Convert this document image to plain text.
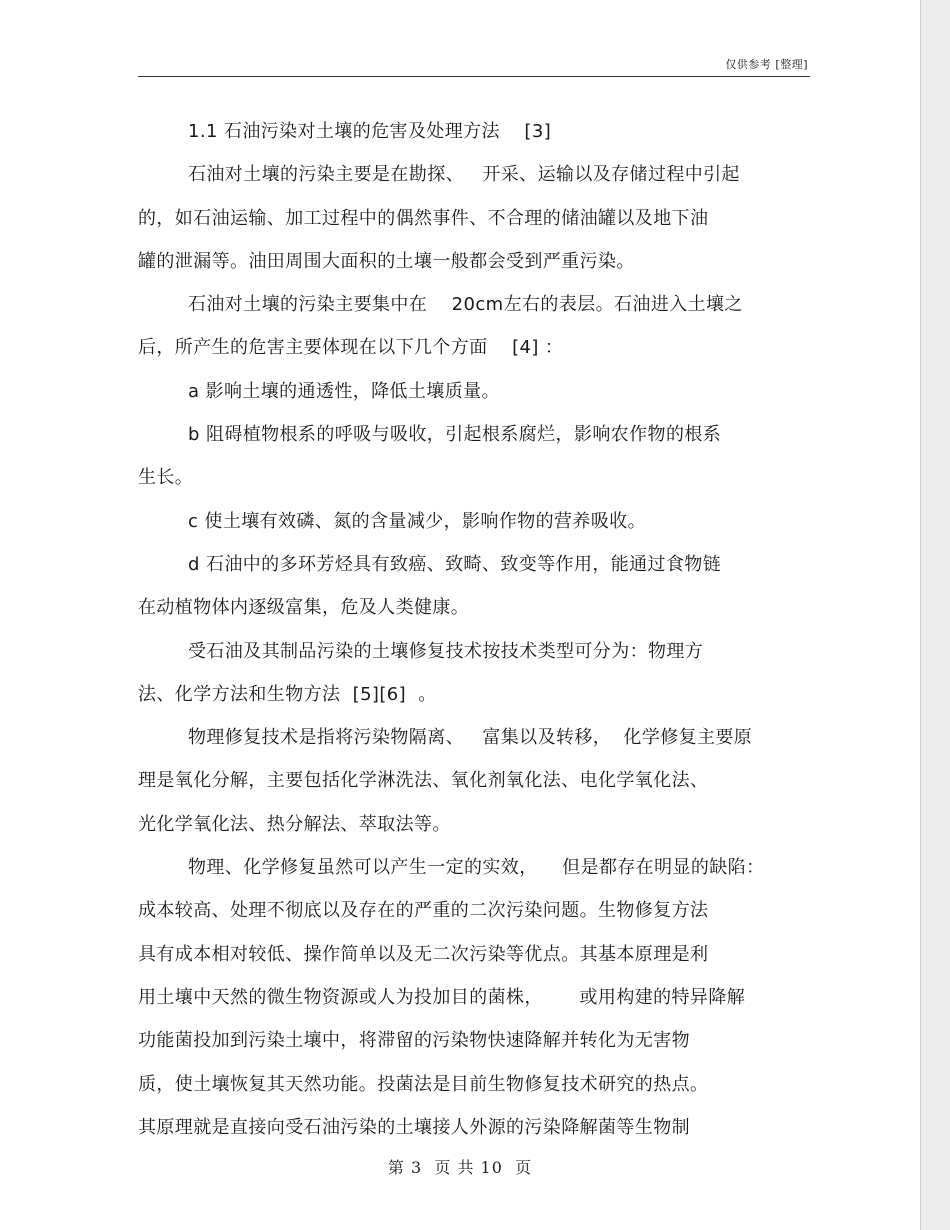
仅供参考 [整理]
1.1 石油污染对土壤的危害及处理方法    [3]
石油对土壤的污染主要是在勘探、   开采、运输以及存储过程中引起
的，如石油运输、加工过程中的偶然事件、不合理的储油罐以及地下油
罐的泄漏等。油田周围大面积的土壤一般都会受到严重污染。
石油对土壤的污染主要集中在    20cm左右的表层。石油进入土壤之
后，所产生的危害主要体现在以下几个方面    [4] ：
a 影响土壤的通透性，降低土壤质量。
b 阻碍植物根系的呼吸与吸收，引起根系腐烂，影响农作物的根系
生长。
c 使土壤有效磷、氮的含量减少，影响作物的营养吸收。
d 石油中的多环芳烃具有致癌、致畸、致变等作用，能通过食物链
在动植物体内逐级富集，危及人类健康。
受石油及其制品污染的土壤修复技术按技术类型可分为：物理方
法、化学方法和生物方法  [5][6]  。
物理修复技术是指将污染物隔离、   富集以及转移，  化学修复主要原
理是氧化分解，主要包括化学淋洗法、氧化剂氧化法、电化学氧化法、
光化学氧化法、热分解法、萃取法等。
物理、化学修复虽然可以产生一定的实效，    但是都存在明显的缺陷：
成本较高、处理不彻底以及存在的严重的二次污染问题。生物修复方法
具有成本相对较低、操作简单以及无二次污染等优点。其基本原理是利
用土壤中天然的微生物资源或人为投加目的菌株，      或用构建的特异降解
功能菌投加到污染土壤中，将滞留的污染物快速降解并转化为无害物
质，使土壤恢复其天然功能。投菌法是目前生物修复技术研究的热点。
其原理就是直接向受石油污染的土壤接人外源的污染降解菌等生物制
第 3  页 共 10  页
